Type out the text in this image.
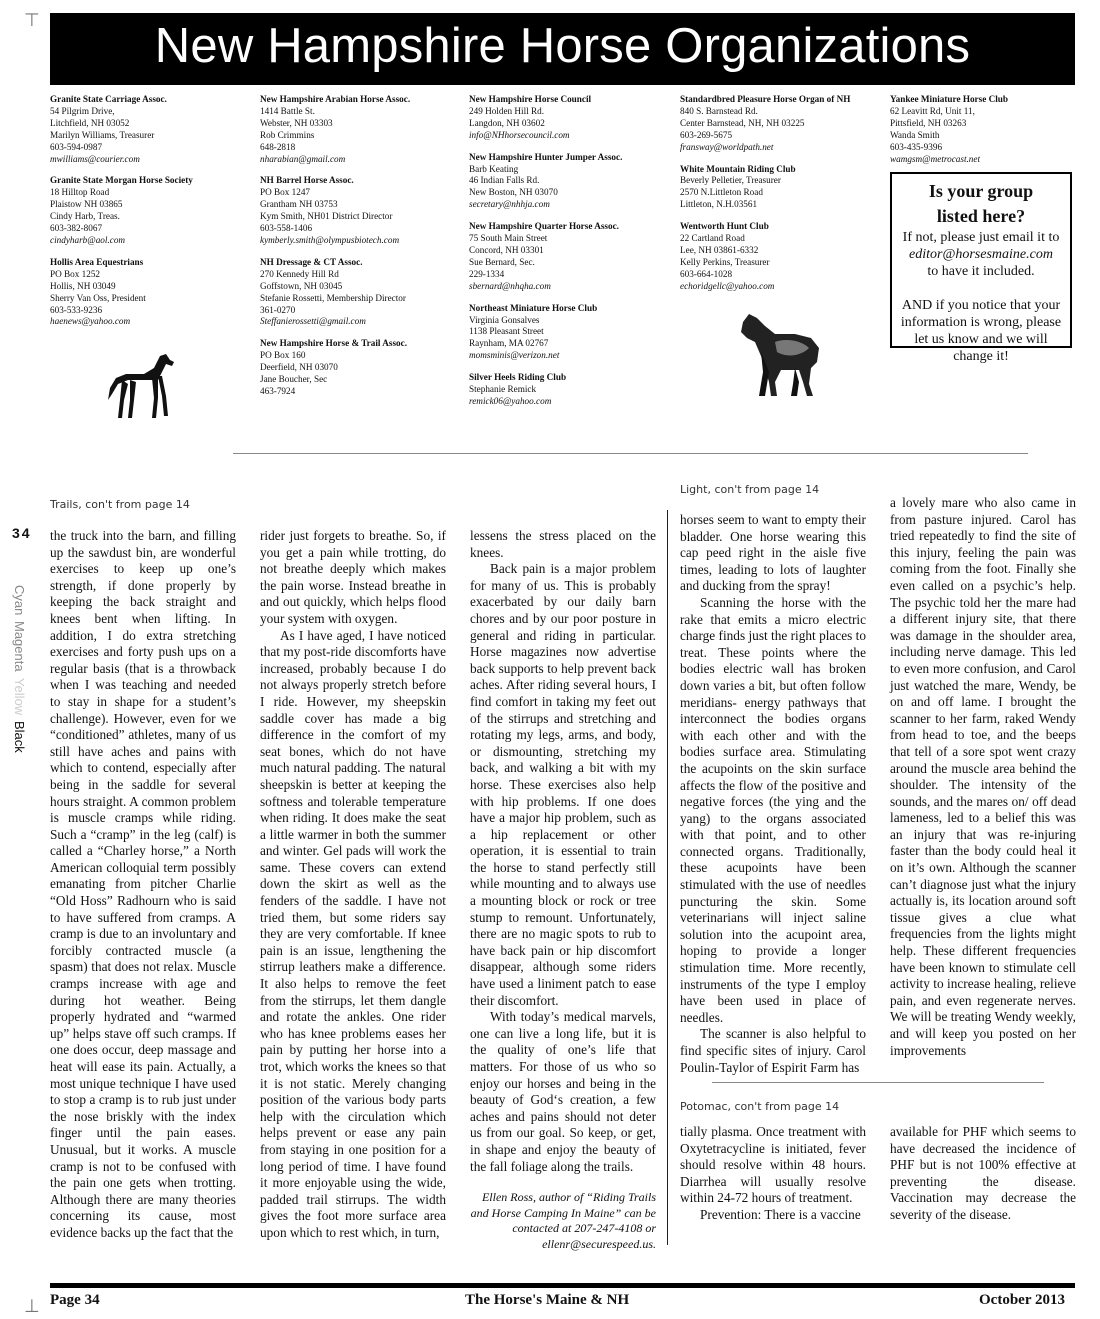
⊤
⊥
New Hampshire Horse Organizations
Granite State Carriage Assoc.
54 Pilgrim Drive,
Litchfield, NH 03052
Marilyn Williams, Treasurer
603-594-0987
mwilliams@courier.com
Granite State Morgan Horse Society
18 Hilltop Road
Plaistow NH 03865
Cindy Harb, Treas.
603-382-8067
cindyharb@aol.com
Hollis Area Equestrians
PO Box 1252
Hollis, NH 03049
Sherry Van Oss, President
603-533-9236
haenews@yahoo.com
New Hampshire Arabian Horse Assoc.
1414 Battle St.
Webster, NH 03303
Rob Crimmins
648-2818
nharabian@gmail.com
NH Barrel Horse Assoc.
PO Box 1247
Grantham NH 03753
Kym Smith, NH01 District Director
603-558-1406
kymberly.smith@olympusbiotech.com
NH Dressage & CT Assoc.
270 Kennedy Hill Rd
Goffstown, NH 03045
Stefanie Rossetti, Membership Director
361-0270
Steffanierossetti@gmail.com
New Hampshire Horse & Trail Assoc.
PO Box 160
Deerfield, NH 03070
Jane Boucher, Sec
463-7924
New Hampshire Horse Council
249 Holden Hill Rd.
Langdon, NH 03602
info@NHhorsecouncil.com
New Hampshire Hunter Jumper Assoc.
Barb Keating
46 Indian Falls Rd.
New Boston, NH 03070
secretary@nhhja.com
New Hampshire Quarter Horse Assoc.
75 South Main Street
Concord, NH 03301
Sue Bernard, Sec.
229-1334
sbernard@nhqha.com
Northeast Miniature Horse Club
Virginia Gonsalves
1138 Pleasant Street
Raynham, MA 02767
momsminis@verizon.net
Silver Heels Riding Club
Stephanie Remick
remick06@yahoo.com
Standardbred Pleasure Horse Organ of NH
840 S. Barnstead Rd.
Center Barnstead, NH, NH 03225
603-269-5675
fransway@worldpath.net
White Mountain Riding Club
Beverly Pelletier, Treasurer
2570 N.Littleton Road
Littleton, N.H.03561
Wentworth Hunt Club
22 Cartland Road
Lee, NH 03861-6332
Kelly Perkins, Treasurer
603-664-1028
echoridgellc@yahoo.com
Yankee Miniature Horse Club
62 Leavitt Rd, Unit 11,
Pittsfield, NH 03263
Wanda Smith
603-435-9396
wamgsm@metrocast.net
Is your group
listed here?
If not, please just email it to
editor@horsesmaine.com
to have it included.
AND if you notice that your information is wrong, please let us know and we will change it!
Trails, con't from page 14
Light, con't from page 14
Potomac, con't from page 14
34
Cyan
Magenta
Yellow
Black

the truck into the barn, and filling up the sawdust bin, are wonderful exercises to keep up one’s strength, if done properly by keeping the back straight and knees bent when lifting. In addition, I do extra stretching exercises and forty push ups on a regular basis (that is a throwback when I was teaching and needed to stay in shape for a student’s challenge). However, even for we “conditioned” athletes, many of us still have aches and pains with which to contend, especially after being in the saddle for several hours straight. A common problem is muscle cramps while riding. Such a “cramp” in the leg (calf) is called a “Charley horse,” a North American colloquial term possibly emanating from pitcher Charlie “Old Hoss” Radhourn who is said to have suffered from cramps. A cramp is due to an involuntary and forcibly contracted muscle (a spasm) that does not relax. Muscle cramps increase with age and during hot weather. Being properly hydrated and “warmed up” helps stave off such cramps. If one does occur, deep massage and heat will ease its pain. Actually, a most unique technique I have used to stop a cramp is to rub just under the nose briskly with the index finger until the pain eases. Unusual, but it works. A muscle cramp is not to be confused with the pain one gets when trotting. Although there are many theories concerning its cause, most evidence backs up the fact that the

rider just forgets to breathe. So, if you get a pain while trotting, do not breathe deeply which makes the pain worse. Instead breathe in and out quickly, which helps flood your system with oxygen.

As I have aged, I have noticed that my post-ride discomforts have increased, probably because I do not always properly stretch before I ride. However, my sheepskin saddle cover has made a big difference in the comfort of my seat bones, which do not have much natural padding. The natural sheepskin is better at keeping the softness and tolerable temperature when riding. It does make the seat a little warmer in both the summer and winter. Gel pads will work the same. These covers can extend down the skirt as well as the fenders of the saddle. I have not tried them, but some riders say they are very comfortable. If knee pain is an issue, lengthening the stirrup leathers make a difference. It also helps to remove the feet from the stirrups, let them dangle and rotate the ankles. One rider who has knee problems eases her pain by putting her horse into a trot, which works the knees so that it is not static. Merely changing position of the various body parts help with the circulation which helps prevent or ease any pain from staying in one position for a long period of time. I have found it more enjoyable using the wide, padded trail stirrups. The width gives the foot more surface area upon which to rest which, in turn,

lessens the stress placed on the knees.

Back pain is a major problem for many of us. This is probably exacerbated by our daily barn chores and by our poor posture in general and riding in particular. Horse magazines now advertise back supports to help prevent back aches. After riding several hours, I find comfort in taking my feet out of the stirrups and stretching and rotating my legs, arms, and body, or dismounting, stretching my back, and walking a bit with my horse. These exercises also help with hip problems. If one does have a major hip problem, such as a hip replacement or other operation, it is essential to train the horse to stand perfectly still while mounting and to always use a mounting block or rock or tree stump to remount. Unfortunately, there are no magic spots to rub to have back pain or hip discomfort disappear, although some riders have used a liniment patch to ease their discomfort.

With today’s medical marvels, one can live a long life, but it is the quality of one’s life that matters. For those of us who so enjoy our horses and being in the beauty of God‘s creation, a few aches and pains should not deter us from our goal. So keep, or get, in shape and enjoy the beauty of the fall foliage along the trails.

Ellen Ross, author of “Riding Trails and Horse Camping In Maine” can be contacted at 207-247-4108 or ellenr@securespeed.us.

horses seem to want to empty their bladder. One horse wearing this cap peed right in the aisle five times, leading to lots of laughter and ducking from the spray!

Scanning the horse with the rake that emits a micro electric charge finds just the right places to treat. These points where the bodies electric wall has broken down varies a bit, but often follow meridians- energy pathways that interconnect the bodies organs with each other and with the bodies surface area. Stimulating the acupoints on the skin surface affects the flow of the positive and negative forces (the ying and the yang) to the organs associated with that point, and to other connected organs. Traditionally, these acupoints have been stimulated with the use of needles puncturing the skin. Some veterinarians will inject saline solution into the acupoint area, hoping to provide a longer stimulation time. More recently, instruments of the type I employ have been used in place of needles.

The scanner is also helpful to find specific sites of injury. Carol Poulin-Taylor of Espirit Farm has

a lovely mare who also came in from pasture injured. Carol has tried repeatedly to find the site of this injury, feeling the pain was coming from the foot. Finally she even called on a psychic’s help. The psychic told her the mare had a different injury site, that there was damage in the shoulder area, including nerve damage. This led to even more confusion, and Carol just watched the mare, Wendy, be on and off lame. I brought the scanner to her farm, raked Wendy from head to toe, and the beeps that tell of a sore spot went crazy around the muscle area behind the shoulder. The intensity of the sounds, and the mares on/ off dead lameness, led to a belief this was an injury that was re-injuring faster than the body could heal it on it’s own. Although the scanner can’t diagnose just what the injury actually is, its location around soft tissue gives a clue what frequencies from the lights might help. These different frequencies have been known to stimulate cell activity to increase healing, relieve pain, and even regenerate nerves. We will be treating Wendy weekly, and will keep you posted on her improvements

tially plasma. Once treatment with Oxytetracycline is initiated, fever should resolve within 48 hours. Diarrhea will usually resolve within 24-72 hours of treatment.

Prevention: There is a vaccine

available for PHF which seems to have decreased the incidence of PHF but is not 100% effective at preventing the disease. Vaccination may decrease the severity of the disease.

Page 34	The Horse's Maine & NH	October 2013
